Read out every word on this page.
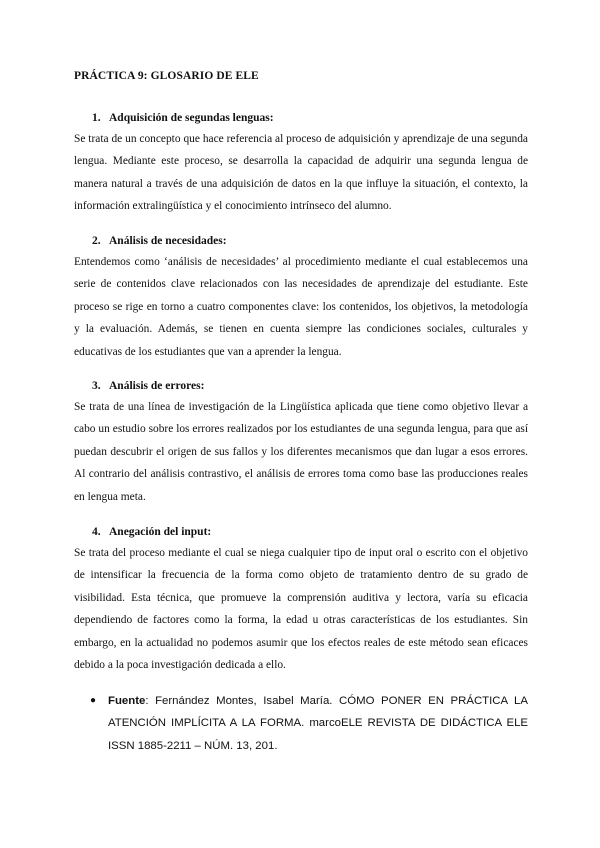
PRÁCTICA 9: GLOSARIO DE ELE
1. Adquisición de segundas lenguas:

Se trata de un concepto que hace referencia al proceso de adquisición y aprendizaje de una segunda lengua. Mediante este proceso, se desarrolla la capacidad de adquirir una segunda lengua de manera natural a través de una adquisición de datos en la que influye la situación, el contexto, la información extralingüística y el conocimiento intrínseco del alumno.

2. Análisis de necesidades:

Entendemos como ‘análisis de necesidades’ al procedimiento mediante el cual establecemos una serie de contenidos clave relacionados con las necesidades de aprendizaje del estudiante. Este proceso se rige en torno a cuatro componentes clave: los contenidos, los objetivos, la metodología y la evaluación. Además, se tienen en cuenta siempre las condiciones sociales, culturales y educativas de los estudiantes que van a aprender la lengua.

3. Análisis de errores:

Se trata de una línea de investigación de la Lingüística aplicada que tiene como objetivo llevar a cabo un estudio sobre los errores realizados por los estudiantes de una segunda lengua, para que así puedan descubrir el origen de sus fallos y los diferentes mecanismos que dan lugar a esos errores. Al contrario del análisis contrastivo, el análisis de errores toma como base las producciones reales en lengua meta.

4. Anegación del input:

Se trata del proceso mediante el cual se niega cualquier tipo de input oral o escrito con el objetivo de intensificar la frecuencia de la forma como objeto de tratamiento dentro de su grado de visibilidad. Esta técnica, que promueve la comprensión auditiva y lectora, varía su eficacia dependiendo de factores como la forma, la edad u otras características de los estudiantes. Sin embargo, en la actualidad no podemos asumir que los efectos reales de este método sean eficaces debido a la poca investigación dedicada a ello.

● Fuente: Fernández Montes, Isabel María. CÓMO PONER EN PRÁCTICA LA ATENCIÓN IMPLÍCITA A LA FORMA. marcoELE REVISTA DE DIDÁCTICA ELE ISSN 1885-2211 – NÚM. 13, 201.
